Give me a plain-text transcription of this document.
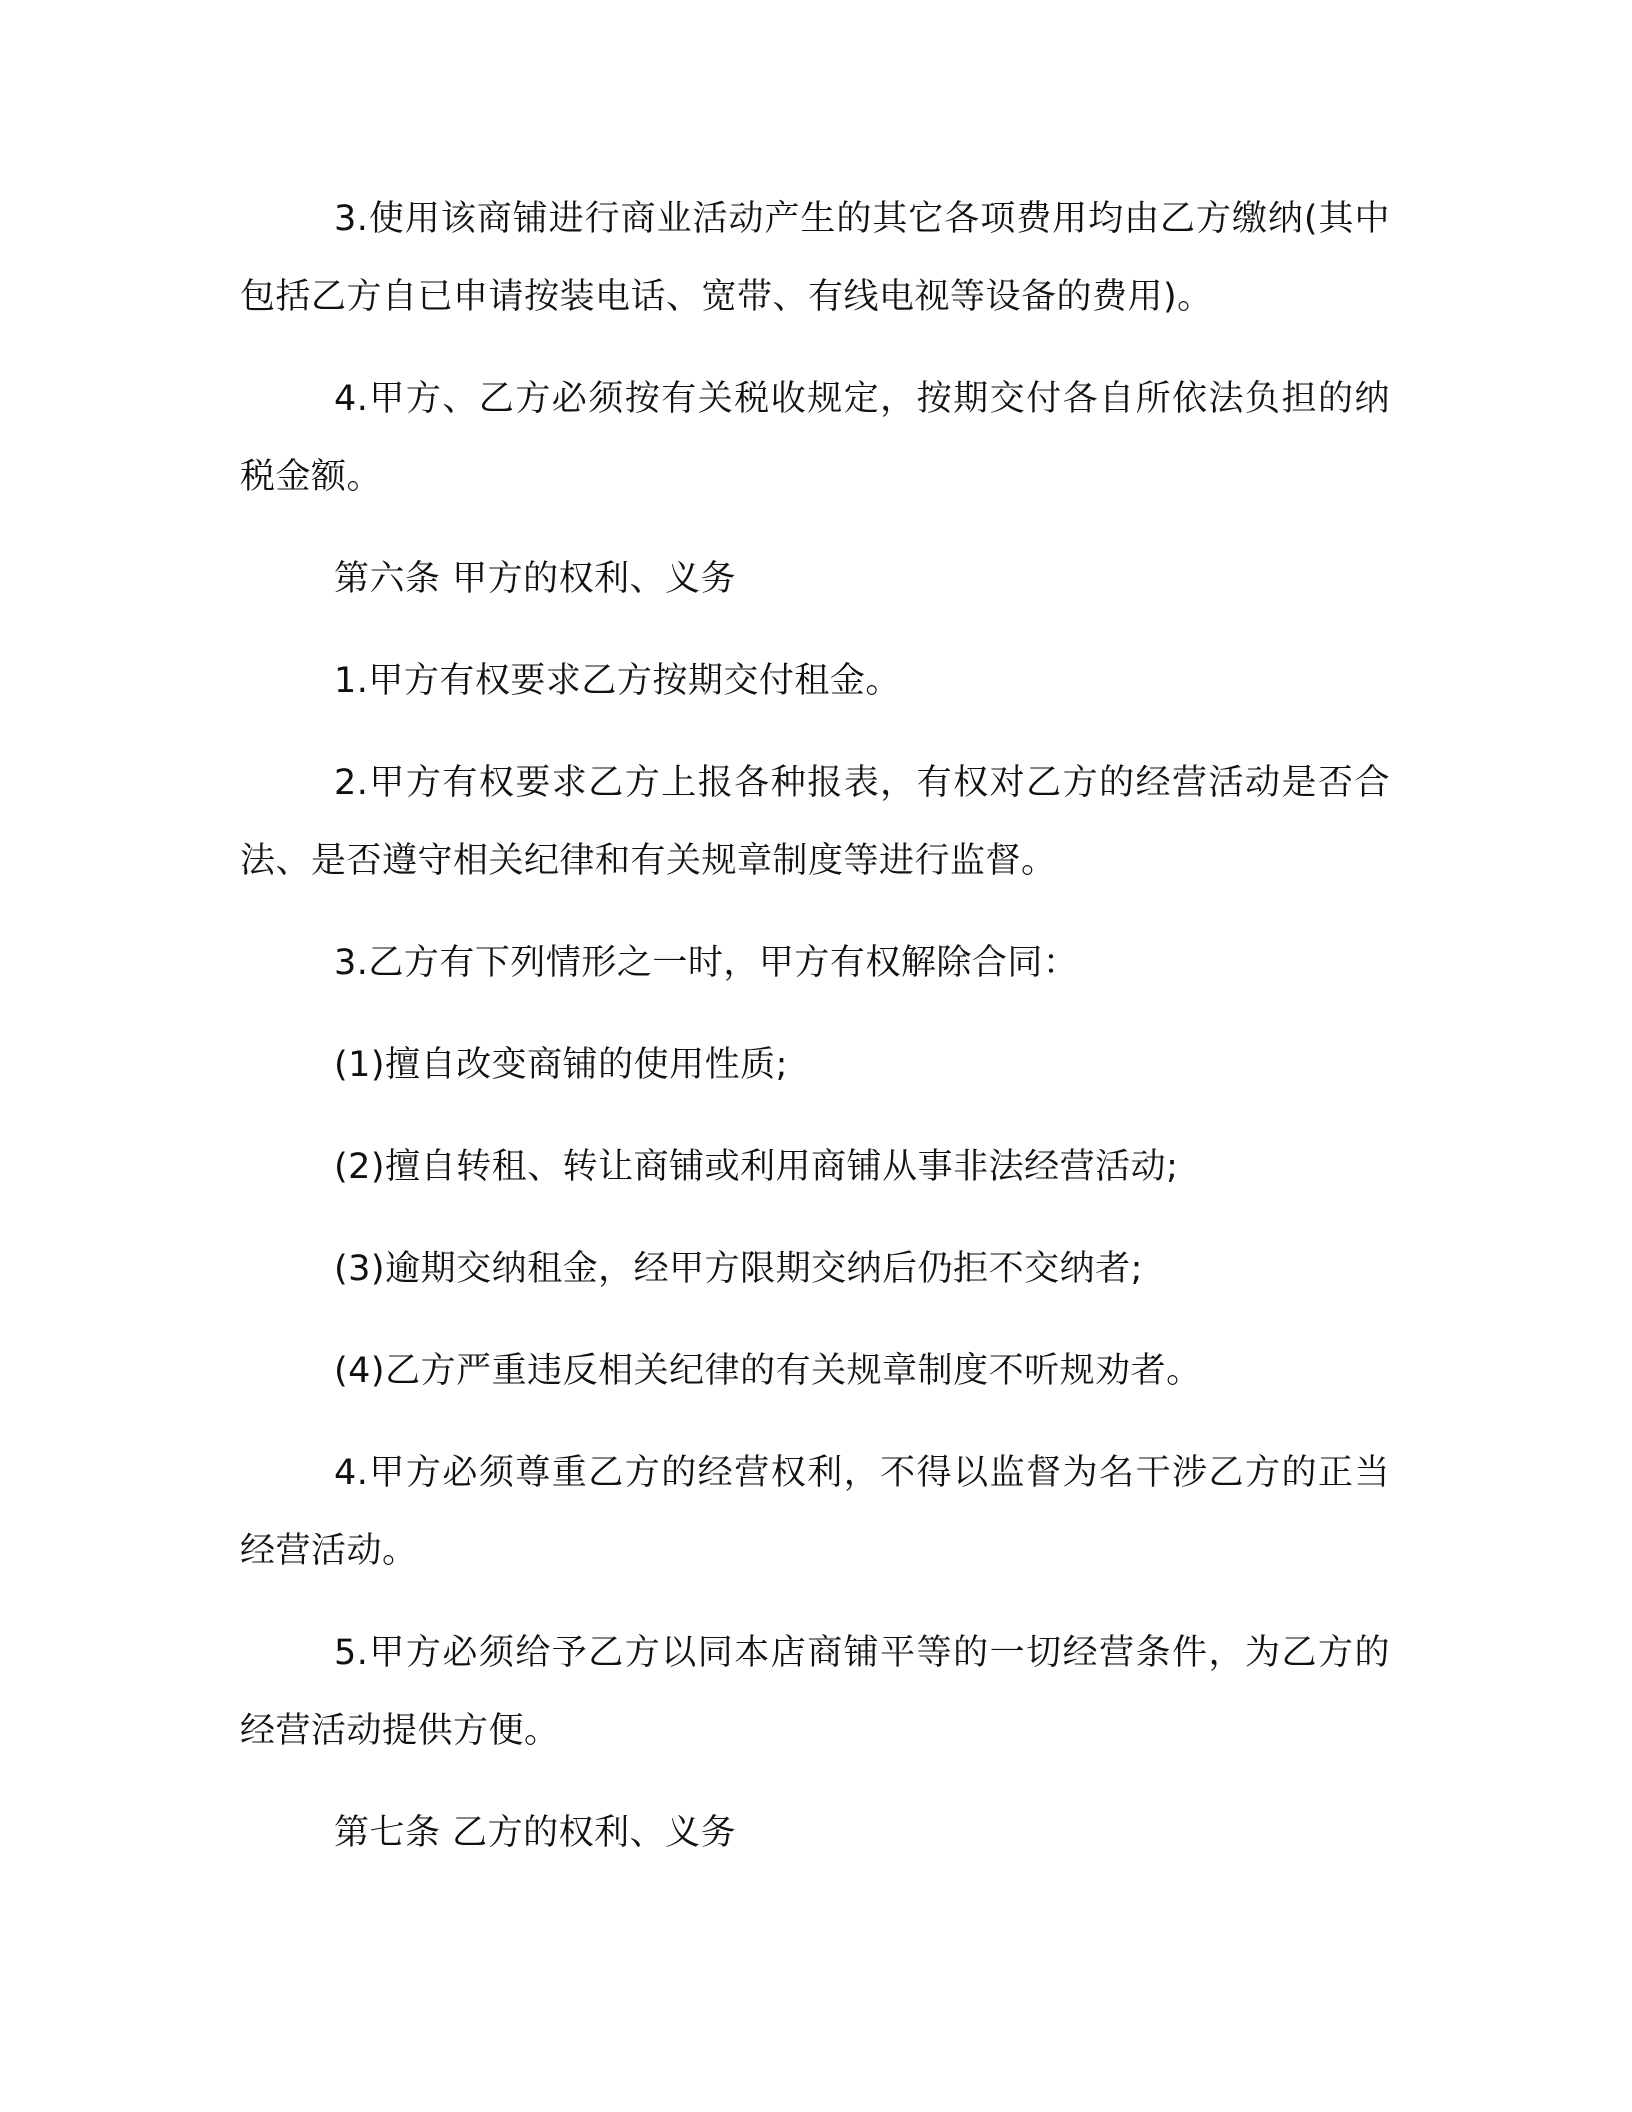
3.使用该商铺进行商业活动产生的其它各项费用均由乙方缴纳(其中包括乙方自已申请按装电话、宽带、有线电视等设备的费用)。

4.甲方、乙方必须按有关税收规定，按期交付各自所依法负担的纳税金额。

第六条 甲方的权利、义务

1.甲方有权要求乙方按期交付租金。

2.甲方有权要求乙方上报各种报表，有权对乙方的经营活动是否合法、是否遵守相关纪律和有关规章制度等进行监督。

3.乙方有下列情形之一时，甲方有权解除合同：

(1)擅自改变商铺的使用性质;

(2)擅自转租、转让商铺或利用商铺从事非法经营活动;

(3)逾期交纳租金，经甲方限期交纳后仍拒不交纳者;

(4)乙方严重违反相关纪律的有关规章制度不听规劝者。

4.甲方必须尊重乙方的经营权利，不得以监督为名干涉乙方的正当经营活动。

5.甲方必须给予乙方以同本店商铺平等的一切经营条件，为乙方的经营活动提供方便。

第七条 乙方的权利、义务
